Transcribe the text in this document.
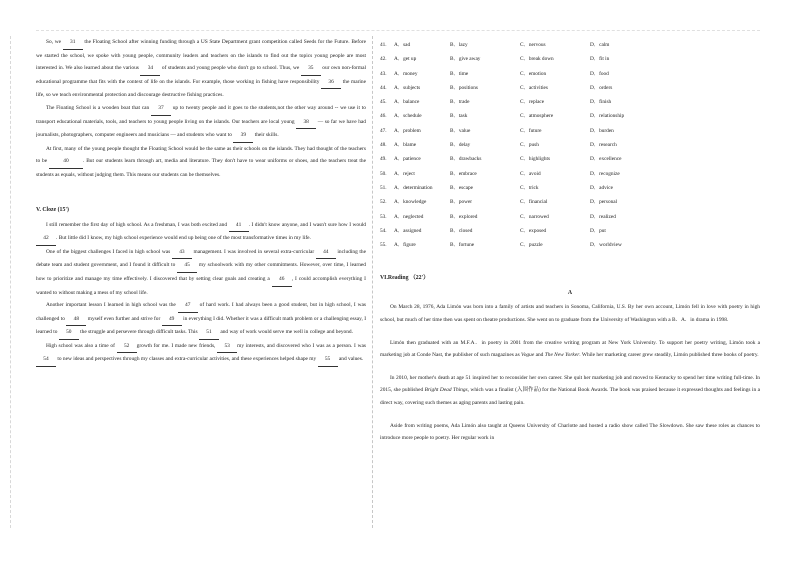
So, we 31 the Floating School after winning funding through a US State Department grant competition called Seeds for the Future. Before we started the school, we spoke with young people, community leaders and teachers on the islands to find out the topics young people are most interested in. We also learned about the various 34 of students and young people who don't go to school. Thus, we 35 our own non-formal educational programme that fits with the context of life on the islands. For example, those working in fishing have responsibility 36 the marine life, so we teach environmental protection and discourage destructive fishing practices.

The Floating School is a wooden boat that can 37 up to twenty people and it goes to the students,not the other way around -- we use it to transport educational materials, tools, and teachers to young people living on the islands. Our teachers are local young 38 — so far we have had journalists, photographers, computer engineers and musicians — and students who want to 39 their skills.

At first, many of the young people thought the Floating School would be the same as their schools on the islands. They had thought of the teachers to be	40	. But our students learn through art, media and literature. They don't have to wear uniforms or shoes, and the teachers treat the students as equals, without judging them. This means our students can be themselves.

V. Cloze (15')

I still remember the first day of high school. As a freshman, I was both excited and 41 . I didn't know anyone, and I wasn't sure how I would 42 . But little did I know, my high school experience would end up being one of the most transformative times in my life.

One of the biggest challenges I faced in high school was 43 management. I was involved in several extra-curricular 44 including the debate team and student government, and I found it difficult to 45 my schoolwork with my other commitments. However, over time, I learned how to prioritize and manage my time effectively. I discovered that by setting clear goals and creating a 46 , I could accomplish everything I wanted to without making a mess of my school life.

Another important lesson I learned in high school was the 47 of hard work. I had always been a good student, but in high school, I was challenged to 48 myself even further and strive for 49 in everything I did. Whether it was a difficult math problem or a challenging essay, I learned to 50 the struggle and persevere through difficult tasks. This 51 and way of work would serve me well in college and beyond.

High school was also a time of 52 growth for me. I made new friends, 53 my interests, and discovered who I was as a person. I was 54 to new ideas and perspectives through my classes and extra-curricular activities, and these experiences helped shape my 55 and values.

41. A．sad	B．lazy	C．nervous	D．calm
42. A．get up	B．give away	C．break down	D．fit in
43. A．money	B．time	C．emotion	D．food
44. A．subjects	B．positions	C．activities	D．orders
45. A．balance	B．trade	C．replace	D．finish
46. A．schedule	B．task	C．atmosphere	D．relationship
47. A．problem	B．value	C．future	D．burden
48. A．blame	B．delay	C．push	D．research
49. A．patience	B．drawbacks	C．highlights	D．excellence
50. A．reject	B．embrace	C．avoid	D．recognize
51. A．determination	B．escape	C．trick	D．advice
52. A．knowledge	B．power	C．financial	D．personal
53. A．neglected	B．explored	C．narrowed	D．realized
54. A．assigned	B．closed	C．exposed	D．put
55. A．figure	B．fortune	C．puzzle	D．worldview
VI.Reading （22'）
A

On March 28, 1976, Ada Limón was born into a family of artists and teachers in Sonoma, California, U.S. By her own account, Limón fell in love with poetry in high school, but much of her time then was spent on theatre productions. She went on to graduate from the University of Washington with a B．A．in drama in 1998.

Limón then graduated with an M.F.A．in poetry in 2001 from the creative writing program at New York University. To support her poetry writing, Limón took a marketing job at Conde Nast, the publisher of such magazines as Vogue and The New Yorker. While her marketing career grew steadily, Limón published three books of poetry.

In 2010, her mother's death at age 51 inspired her to reconsider her own career. She quit her marketing job and moved to Kentucky to spend her time writing full-time. In 2015, she published Bright Dead Things, which was a finalist (入围作品) for the National Book Awards. The book was praised because it expressed thoughts and feelings in a direct way, covering such themes as aging parents and lasting pain.

Aside from writing poems, Ada Limón also taught at Queens University of Charlotte and hosted a radio show called The Slowdown. She saw these roles as chances to introduce more people to poetry. Her regular work in
